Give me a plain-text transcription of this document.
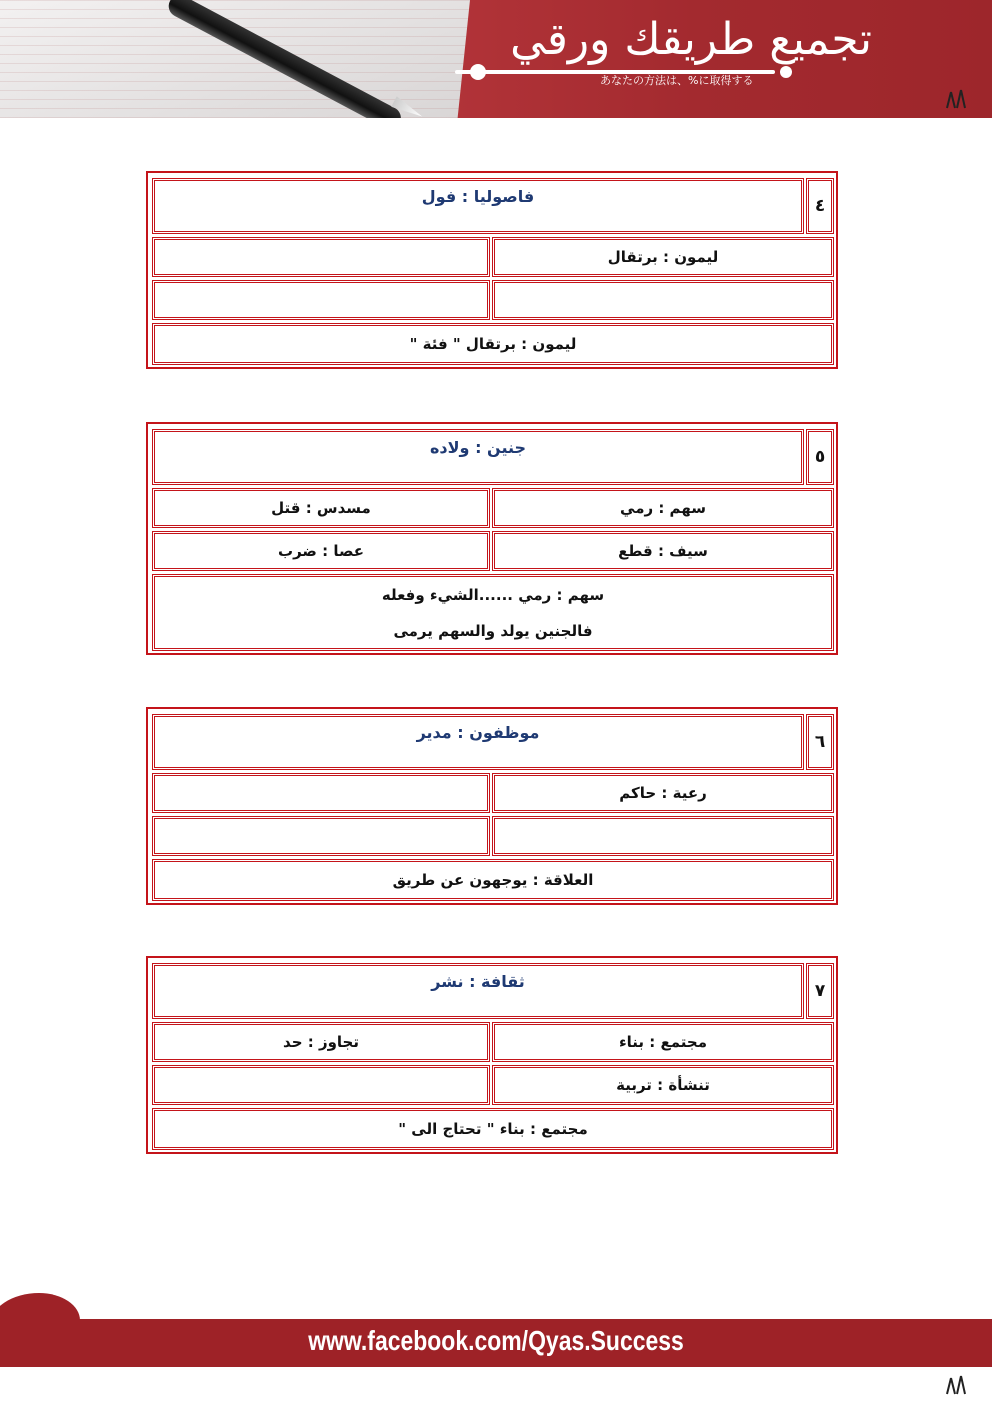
تجميع طريقك ورقي
あなたの方法は、%に取得する
٤
فاصوليا : فول
ليمون : برتقال
ليمون : برتقال " فئة "
٥
جنين : ولاده
سهم : رمي
مسدس : قتل
سيف : قطع
عصا : ضرب
سهم : رمي ......الشيء وفعله
فالجنين يولد والسهم يرمى
٦
موظفون : مدير
رعية : حاكم
العلاقة : يوجهون عن طريق
٧
ثقافة : نشر
مجتمع : بناء
تجاوز : حد
تنشأة : تربية
مجتمع : بناء " تحتاج الى "
www.facebook.com/Qyas.Success
